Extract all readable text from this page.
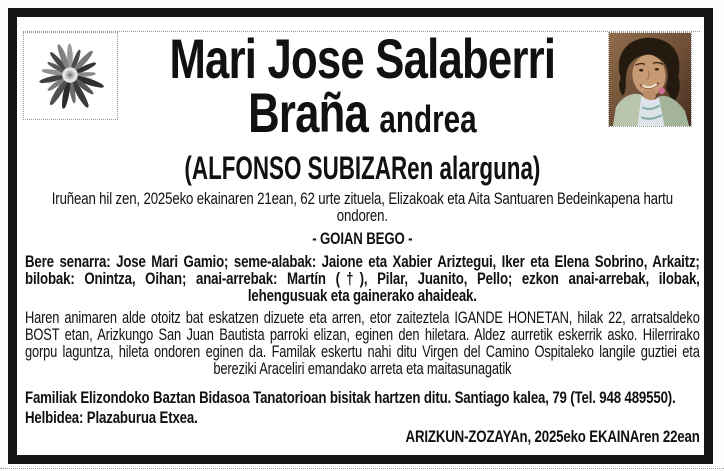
Mari Jose Salaberri
Braña andrea
(ALFONSO SUBIZARen alarguna)

Iruñean hil zen, 2025eko ekainaren 21ean, 62 urte zituela, Elizakoak eta Aita Santuaren Bedeinkapena hartu ondoren.

- GOIAN BEGO -

Bere senarra: Jose Mari Gamio; seme-alabak: Jaione eta Xabier Ariztegui, Iker eta Elena Sobrino, Arkaitz; bilobak: Onintza, Oihan; anai-arrebak: Martín (†), Pilar, Juanito, Pello; ezkon anai-arrebak, ilobak, lehengusuak eta gainerako ahaideak.

Haren animaren alde otoitz bat eskatzen dizuete eta arren, etor zaiteztela IGANDE HONETAN, hilak 22, arratsaldeko BOST etan, Arizkungo San Juan Bautista parroki elizan, eginen den hiletara. Aldez aurretik eskerrik asko. Hilerrirako gorpu laguntza, hileta ondoren eginen da. Familak eskertu nahi ditu Virgen del Camino Ospitaleko langile guztiei eta bereziki Araceliri emandako arreta eta maitasunagatik

Familiak Elizondoko Baztan Bidasoa Tanatorioan bisitak hartzen ditu. Santiago kalea, 79 (Tel. 948 489550).

Helbidea: Plazaburua Etxea.

ARIZKUN-ZOZAYAn, 2025eko EKAINAren 22ean
